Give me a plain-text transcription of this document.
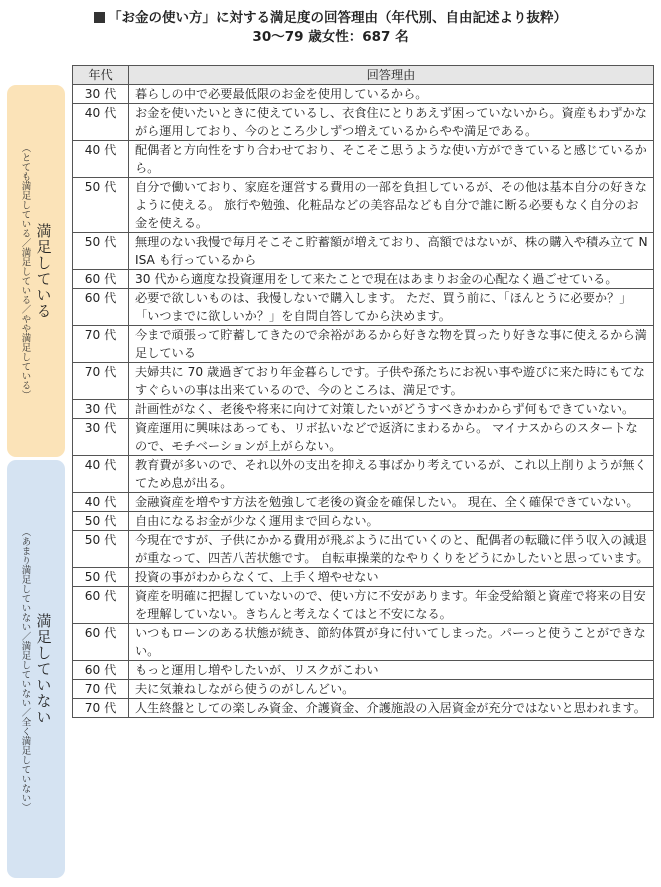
「お金の使い方」に対する満足度の回答理由（年代別、自由記述より抜粋）
30～79 歳女性：687 名
満足している
（とても満足している／満足している／やや満足している）
満足していない
（あまり満足していない／満足していない／全く満足していない）
年代	回答理由
30 代	暮らしの中で必要最低限のお金を使用しているから。
40 代	お金を使いたいときに使えているし、衣食住にとりあえず困っていないから。資産もわずかながら運用しており、今のところ少しずつ増えているからやや満足である。
40 代	配偶者と方向性をすり合わせており、そこそこ思うような使い方ができていると感じているから。
50 代	自分で働いており、家庭を運営する費用の一部を負担しているが、その他は基本自分の好きなように使える。 旅行や勉強、化粧品などの美容品なども自分で誰に断る必要もなく自分のお金を使える。
50 代	無理のない我慢で毎月そこそこ貯蓄額が増えており、高額ではないが、株の購入や積み立て NISA も行っているから
60 代	30 代から適度な投資運用をして来たことで現在はあまりお金の心配なく過ごせている。
60 代	必要で欲しいものは、我慢しないで購入します。 ただ、買う前に、「ほんとうに必要か？」「いつまでに欲しいか？」を自問自答してから決めます。
70 代	今まで頑張って貯蓄してきたので余裕があるから好きな物を買ったり好きな事に使えるから満足している
70 代	夫婦共に 70 歳過ぎており年金暮らしです。子供や孫たちにお祝い事や遊びに来た時にもてなすぐらいの事は出来ているので、今のところは、満足です。
30 代	計画性がなく、老後や将来に向けて対策したいがどうすべきかわからず何もできていない。
30 代	資産運用に興味はあっても、リボ払いなどで返済にまわるから。 マイナスからのスタートなので、モチベーションが上がらない。
40 代	教育費が多いので、それ以外の支出を抑える事ばかり考えているが、これ以上削りようが無くてため息が出る。
40 代	金融資産を増やす方法を勉強して老後の資金を確保したい。 現在、全く確保できていない。
50 代	自由になるお金が少なく運用まで回らない。
50 代	今現在ですが、子供にかかる費用が飛ぶように出ていくのと、配偶者の転職に伴う収入の減退が重なって、四苦八苦状態です。 自転車操業的なやりくりをどうにかしたいと思っています。
50 代	投資の事がわからなくて、上手く増やせない
60 代	資産を明確に把握していないので、使い方に不安があります。年金受給額と資産で将来の目安を理解していない。きちんと考えなくてはと不安になる。
60 代	いつもローンのある状態が続き、節約体質が身に付いてしまった。パーっと使うことができない。
60 代	もっと運用し増やしたいが、リスクがこわい
70 代	夫に気兼ねしながら使うのがしんどい。
70 代	人生終盤としての楽しみ資金、介護資金、介護施設の入居資金が充分ではないと思われます。
